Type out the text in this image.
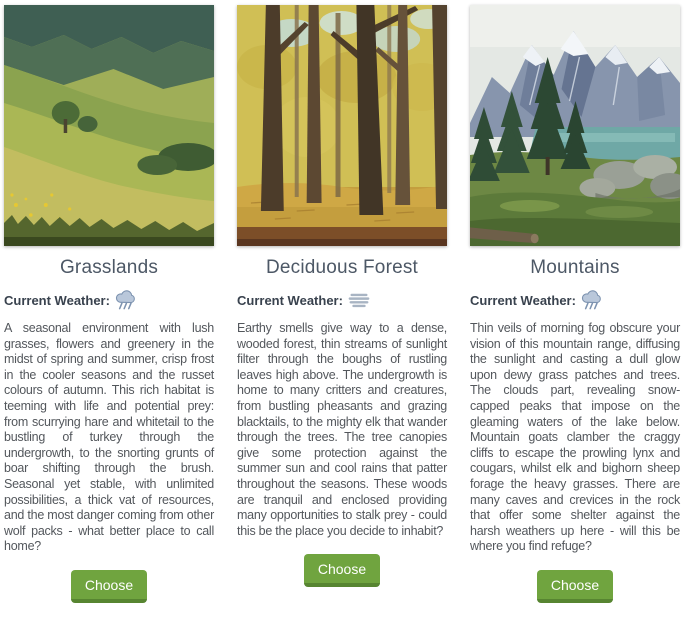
Grasslands
Current Weather:

A seasonal environment with lush grasses, flowers and greenery in the midst of spring and summer, crisp frost in the cooler seasons and the russet colours of autumn. This rich habitat is teeming with life and potential prey: from scurrying hare and whitetail to the bustling of turkey through the undergrowth, to the snorting grunts of boar shifting through the brush. Seasonal yet stable, with unlimited possibilities, a thick vat of resources, and the most danger coming from other wolf packs - what better place to call home?

Choose
Deciduous Forest
Current Weather:

Earthy smells give way to a dense, wooded forest, thin streams of sunlight filter through the boughs of rustling leaves high above. The undergrowth is home to many critters and creatures, from bustling pheasants and grazing blacktails, to the mighty elk that wander through the trees. The tree canopies give some protection against the summer sun and cool rains that patter throughout the seasons. These woods are tranquil and enclosed providing many opportunities to stalk prey - could this be the place you decide to inhabit?

Choose
Mountains
Current Weather:

Thin veils of morning fog obscure your vision of this mountain range, diffusing the sunlight and casting a dull glow upon dewy grass patches and trees. The clouds part, revealing snow-capped peaks that impose on the gleaming waters of the lake below. Mountain goats clamber the craggy cliffs to escape the prowling lynx and cougars, whilst elk and bighorn sheep forage the heavy grasses. There are many caves and crevices in the rock that offer some shelter against the harsh weathers up here - will this be where you find refuge?

Choose
